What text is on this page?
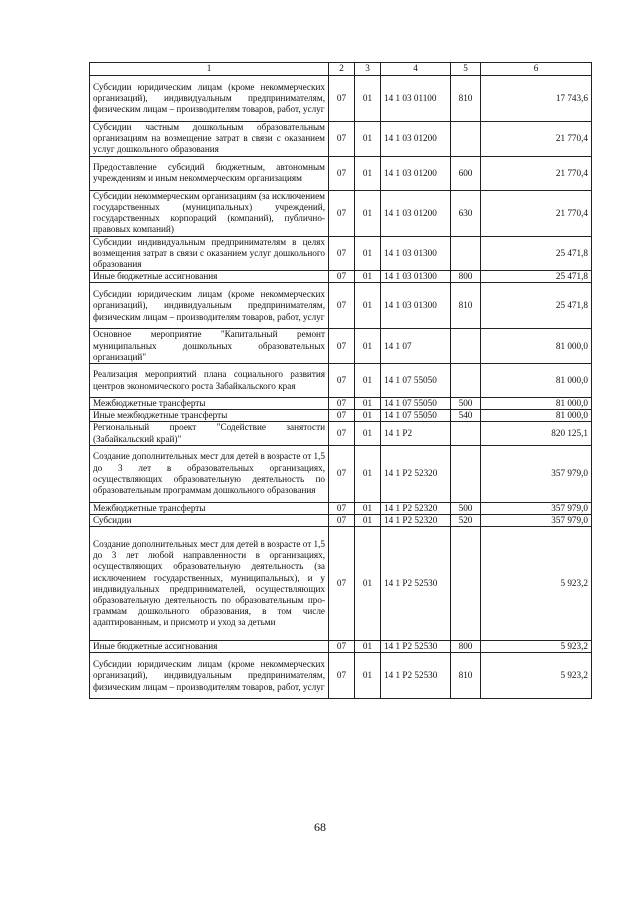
1	2	3	4	5	6
Субсидии юридическим лицам (кроме некоммерческих организаций), индивидуальным предпринимателям, физическим лицам – производителям товаров, работ, услуг	07	01	14 1 03 01100	810	17 743,6
Субсидии частным дошкольным образовательным организациям на возмещение затрат в связи с оказанием услуг дошкольного образования	07	01	14 1 03 01200		21 770,4
Предоставление субсидий бюджетным, автономным учреждениям и иным некоммерческим организациям	07	01	14 1 03 01200	600	21 770,4
Субсидии некоммерческим организациям (за исключением государственных (муниципальных) учреждений, государственных корпораций (компаний), публично-правовых компаний)	07	01	14 1 03 01200	630	21 770,4
Субсидии индивидуальным предпринимателям в целях возмещения затрат в связи с оказанием услуг дошкольного образования	07	01	14 1 03 01300		25 471,8
Иные бюджетные ассигнования	07	01	14 1 03 01300	800	25 471,8
Субсидии юридическим лицам (кроме некоммерческих организаций), индивидуальным предпринимателям, физическим лицам – производителям товаров, работ, услуг	07	01	14 1 03 01300	810	25 471,8
Основное мероприятие "Капитальный ремонт муниципальных дошкольных образовательных организаций"	07	01	14 1 07		81 000,0
Реализация мероприятий плана социального развития центров экономического роста Забайкальского края	07	01	14 1 07 55050		81 000,0
Межбюджетные трансферты	07	01	14 1 07 55050	500	81 000,0
Иные межбюджетные трансферты	07	01	14 1 07 55050	540	81 000,0
Региональный проект "Содействие занятости (Забайкальский край)"	07	01	14 1 P2		820 125,1
Создание дополнительных мест для детей в возрасте от 1,5 до 3 лет в образовательных организациях, осуществляющих образовательную деятельность по образовательным программам дошкольного образования	07	01	14 1 P2 52320		357 979,0
Межбюджетные трансферты	07	01	14 1 P2 52320	500	357 979,0
Субсидии	07	01	14 1 P2 52320	520	357 979,0
Создание дополнительных мест для детей в возрасте от 1,5 до 3 лет любой направленности в организациях, осуществляющих образовательную деятельность (за исключением государственных, муниципальных), и у индивидуальных предпринимателей, осуществляющих образовательную деятельность по образовательным программам дошкольного образования, в том числе адаптированным, и присмотр и уход за детьми	07	01	14 1 P2 52530		5 923,2
Иные бюджетные ассигнования	07	01	14 1 P2 52530	800	5 923,2
Субсидии юридическим лицам (кроме некоммерческих организаций), индивидуальным предпринимателям, физическим лицам – производителям товаров, работ, услуг	07	01	14 1 P2 52530	810	5 923,2
68
